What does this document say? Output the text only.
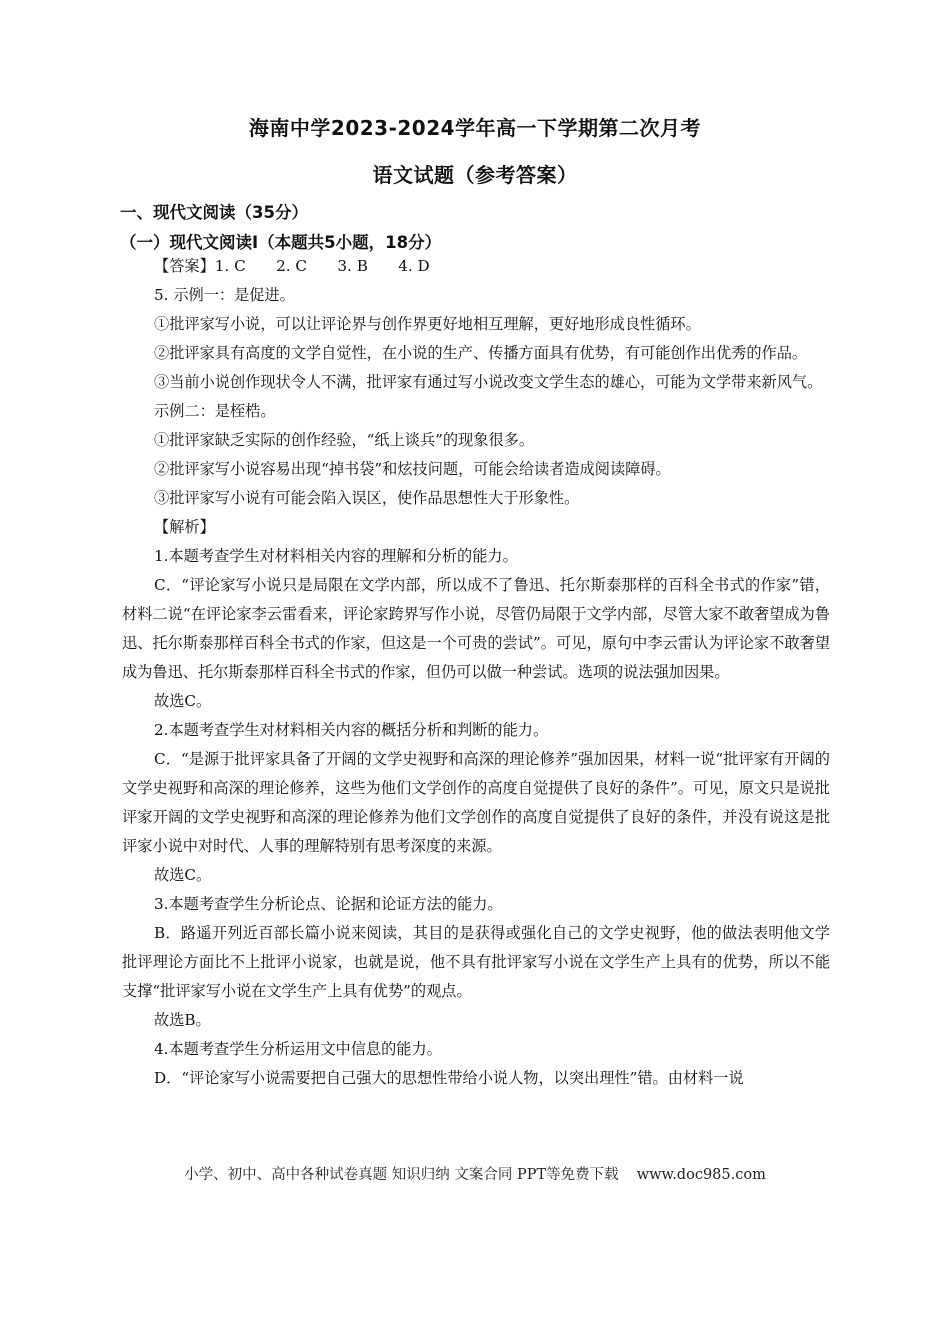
海南中学2023-2024学年高一下学期第二次月考
语文试题（参考答案）
一、现代文阅读（35分）
（一）现代文阅读Ⅰ（本题共5小题，18分）

【答案】1. C　　2. C　　3. B　　4. D

5. 示例一：是促进。

①批评家写小说，可以让评论界与创作界更好地相互理解，更好地形成良性循环。

②批评家具有高度的文学自觉性，在小说的生产、传播方面具有优势，有可能创作出优秀的作品。

③当前小说创作现状令人不满，批评家有通过写小说改变文学生态的雄心，可能为文学带来新风气。

示例二：是桎梏。

①批评家缺乏实际的创作经验，“纸上谈兵”的现象很多。

②批评家写小说容易出现“掉书袋”和炫技问题，可能会给读者造成阅读障碍。

③批评家写小说有可能会陷入误区，使作品思想性大于形象性。

【解析】

1.本题考查学生对材料相关内容的理解和分析的能力。

C．“评论家写小说只是局限在文学内部，所以成不了鲁迅、托尔斯泰那样的百科全书式的作家”错，材料二说“在评论家李云雷看来，评论家跨界写作小说，尽管仍局限于文学内部，尽管大家不敢奢望成为鲁迅、托尔斯泰那样百科全书式的作家，但这是一个可贵的尝试”。可见，原句中李云雷认为评论家不敢奢望成为鲁迅、托尔斯泰那样百科全书式的作家，但仍可以做一种尝试。选项的说法强加因果。

故选C。

2.本题考查学生对材料相关内容的概括分析和判断的能力。

C．“是源于批评家具备了开阔的文学史视野和高深的理论修养”强加因果，材料一说“批评家有开阔的文学史视野和高深的理论修养，这些为他们文学创作的高度自觉提供了良好的条件”。可见，原文只是说批评家开阔的文学史视野和高深的理论修养为他们文学创作的高度自觉提供了良好的条件，并没有说这是批评家小说中对时代、人事的理解特别有思考深度的来源。

故选C。

3.本题考查学生分析论点、论据和论证方法的能力。

B．路遥开列近百部长篇小说来阅读，其目的是获得或强化自己的文学史视野，他的做法表明他文学批评理论方面比不上批评小说家，也就是说，他不具有批评家写小说在文学生产上具有的优势，所以不能支撑“批评家写小说在文学生产上具有优势”的观点。

故选B。

4.本题考查学生分析运用文中信息的能力。

D．“评论家写小说需要把自己强大的思想性带给小说人物，以突出理性”错。由材料一说

小学、初中、高中各种试卷真题 知识归纳 文案合同 PPT等免费下载 www.doc985.com
